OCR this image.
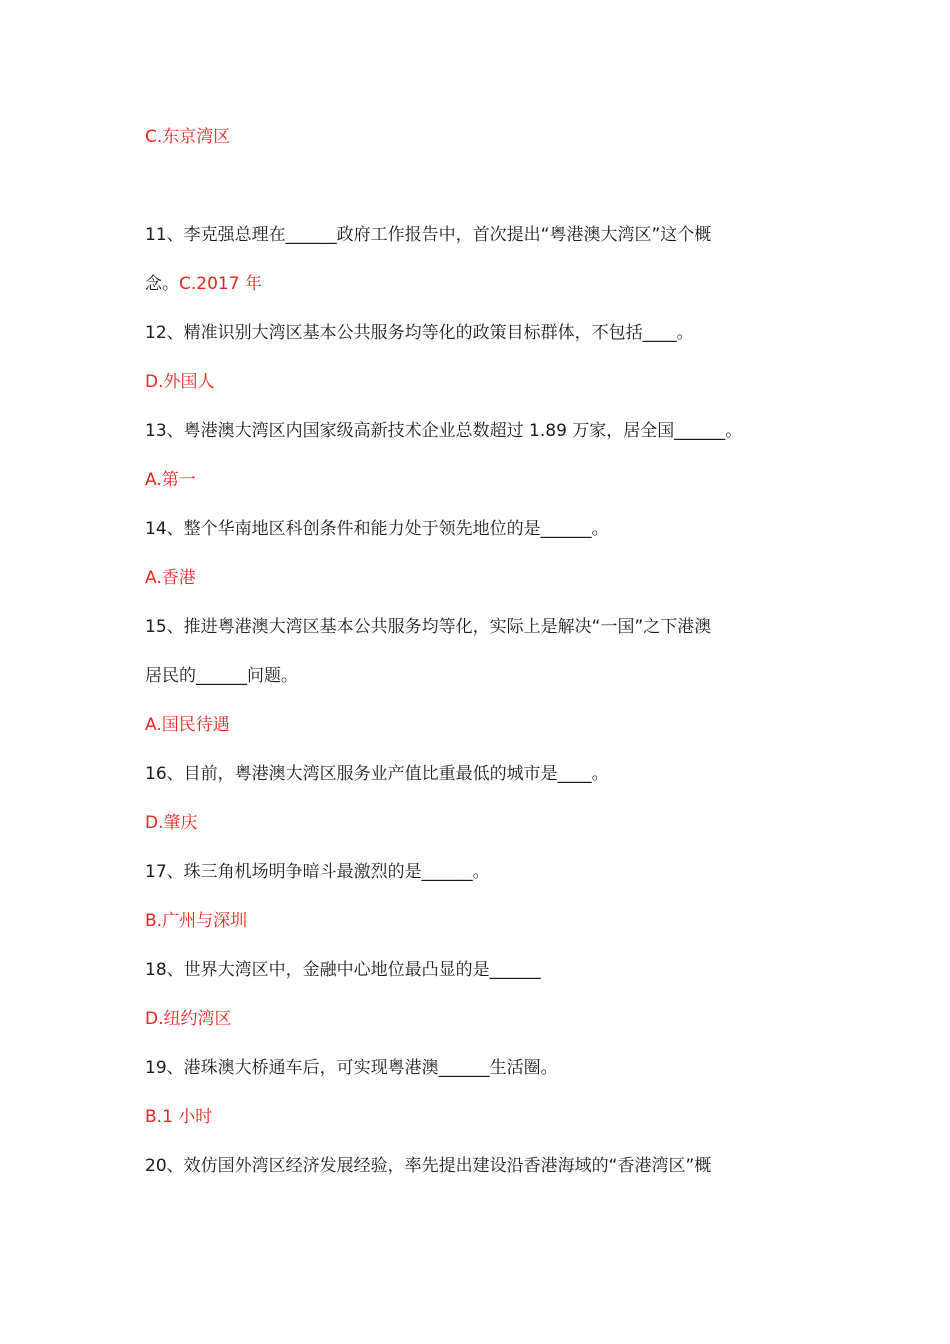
C.东京湾区
11、李克强总理在______政府工作报告中，首次提出“粤港澳大湾区”这个概
念。C.2017 年
12、精准识别大湾区基本公共服务均等化的政策目标群体，不包括____。
D.外国人
13、粤港澳大湾区内国家级高新技术企业总数超过 1.89 万家，居全国______。
A.第一
14、整个华南地区科创条件和能力处于领先地位的是______。
A.香港
15、推进粤港澳大湾区基本公共服务均等化，实际上是解决“一国”之下港澳
居民的______问题。
A.国民待遇
16、目前，粤港澳大湾区服务业产值比重最低的城市是____。
D.肇庆
17、珠三角机场明争暗斗最激烈的是______。
B.广州与深圳
18、世界大湾区中，金融中心地位最凸显的是______
D.纽约湾区
19、港珠澳大桥通车后，可实现粤港澳______生活圈。
B.1 小时
20、效仿国外湾区经济发展经验，率先提出建设沿香港海域的“香港湾区”概
